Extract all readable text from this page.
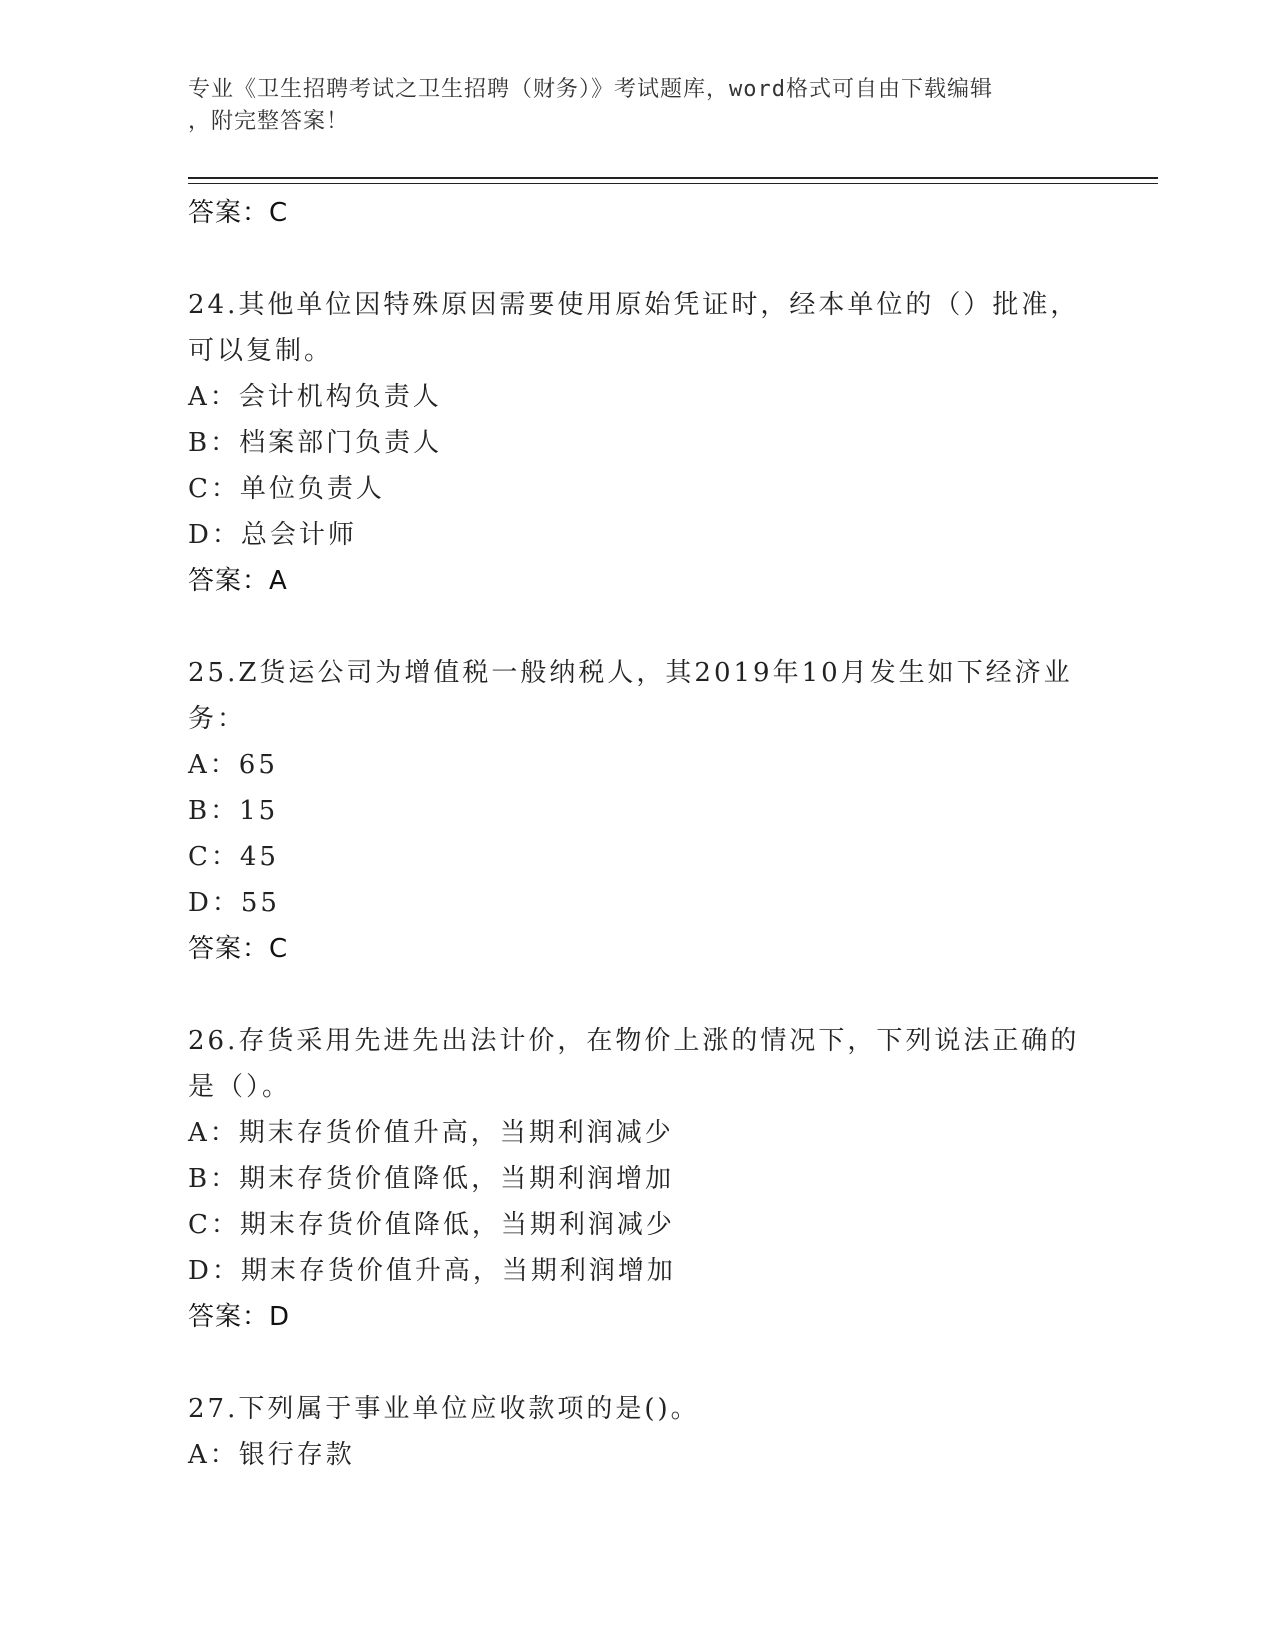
专业《卫生招聘考试之卫生招聘（财务）》考试题库，word格式可自由下载编辑
，附完整答案！
答案：C

24.其他单位因特殊原因需要使用原始凭证时，经本单位的（）批准，可以复制。

A：会计机构负责人
B：档案部门负责人
C：单位负责人
D：总会计师
答案：A

25.Z货运公司为增值税一般纳税人，其2019年10月发生如下经济业务：

A：65
B：15
C：45
D：55
答案：C

26.存货采用先进先出法计价，在物价上涨的情况下，下列说法正确的是（）。

A：期末存货价值升高，当期利润减少
B：期末存货价值降低，当期利润增加
C：期末存货价值降低，当期利润减少
D：期末存货价值升高，当期利润增加
答案：D

27.下列属于事业单位应收款项的是()。

A：银行存款
